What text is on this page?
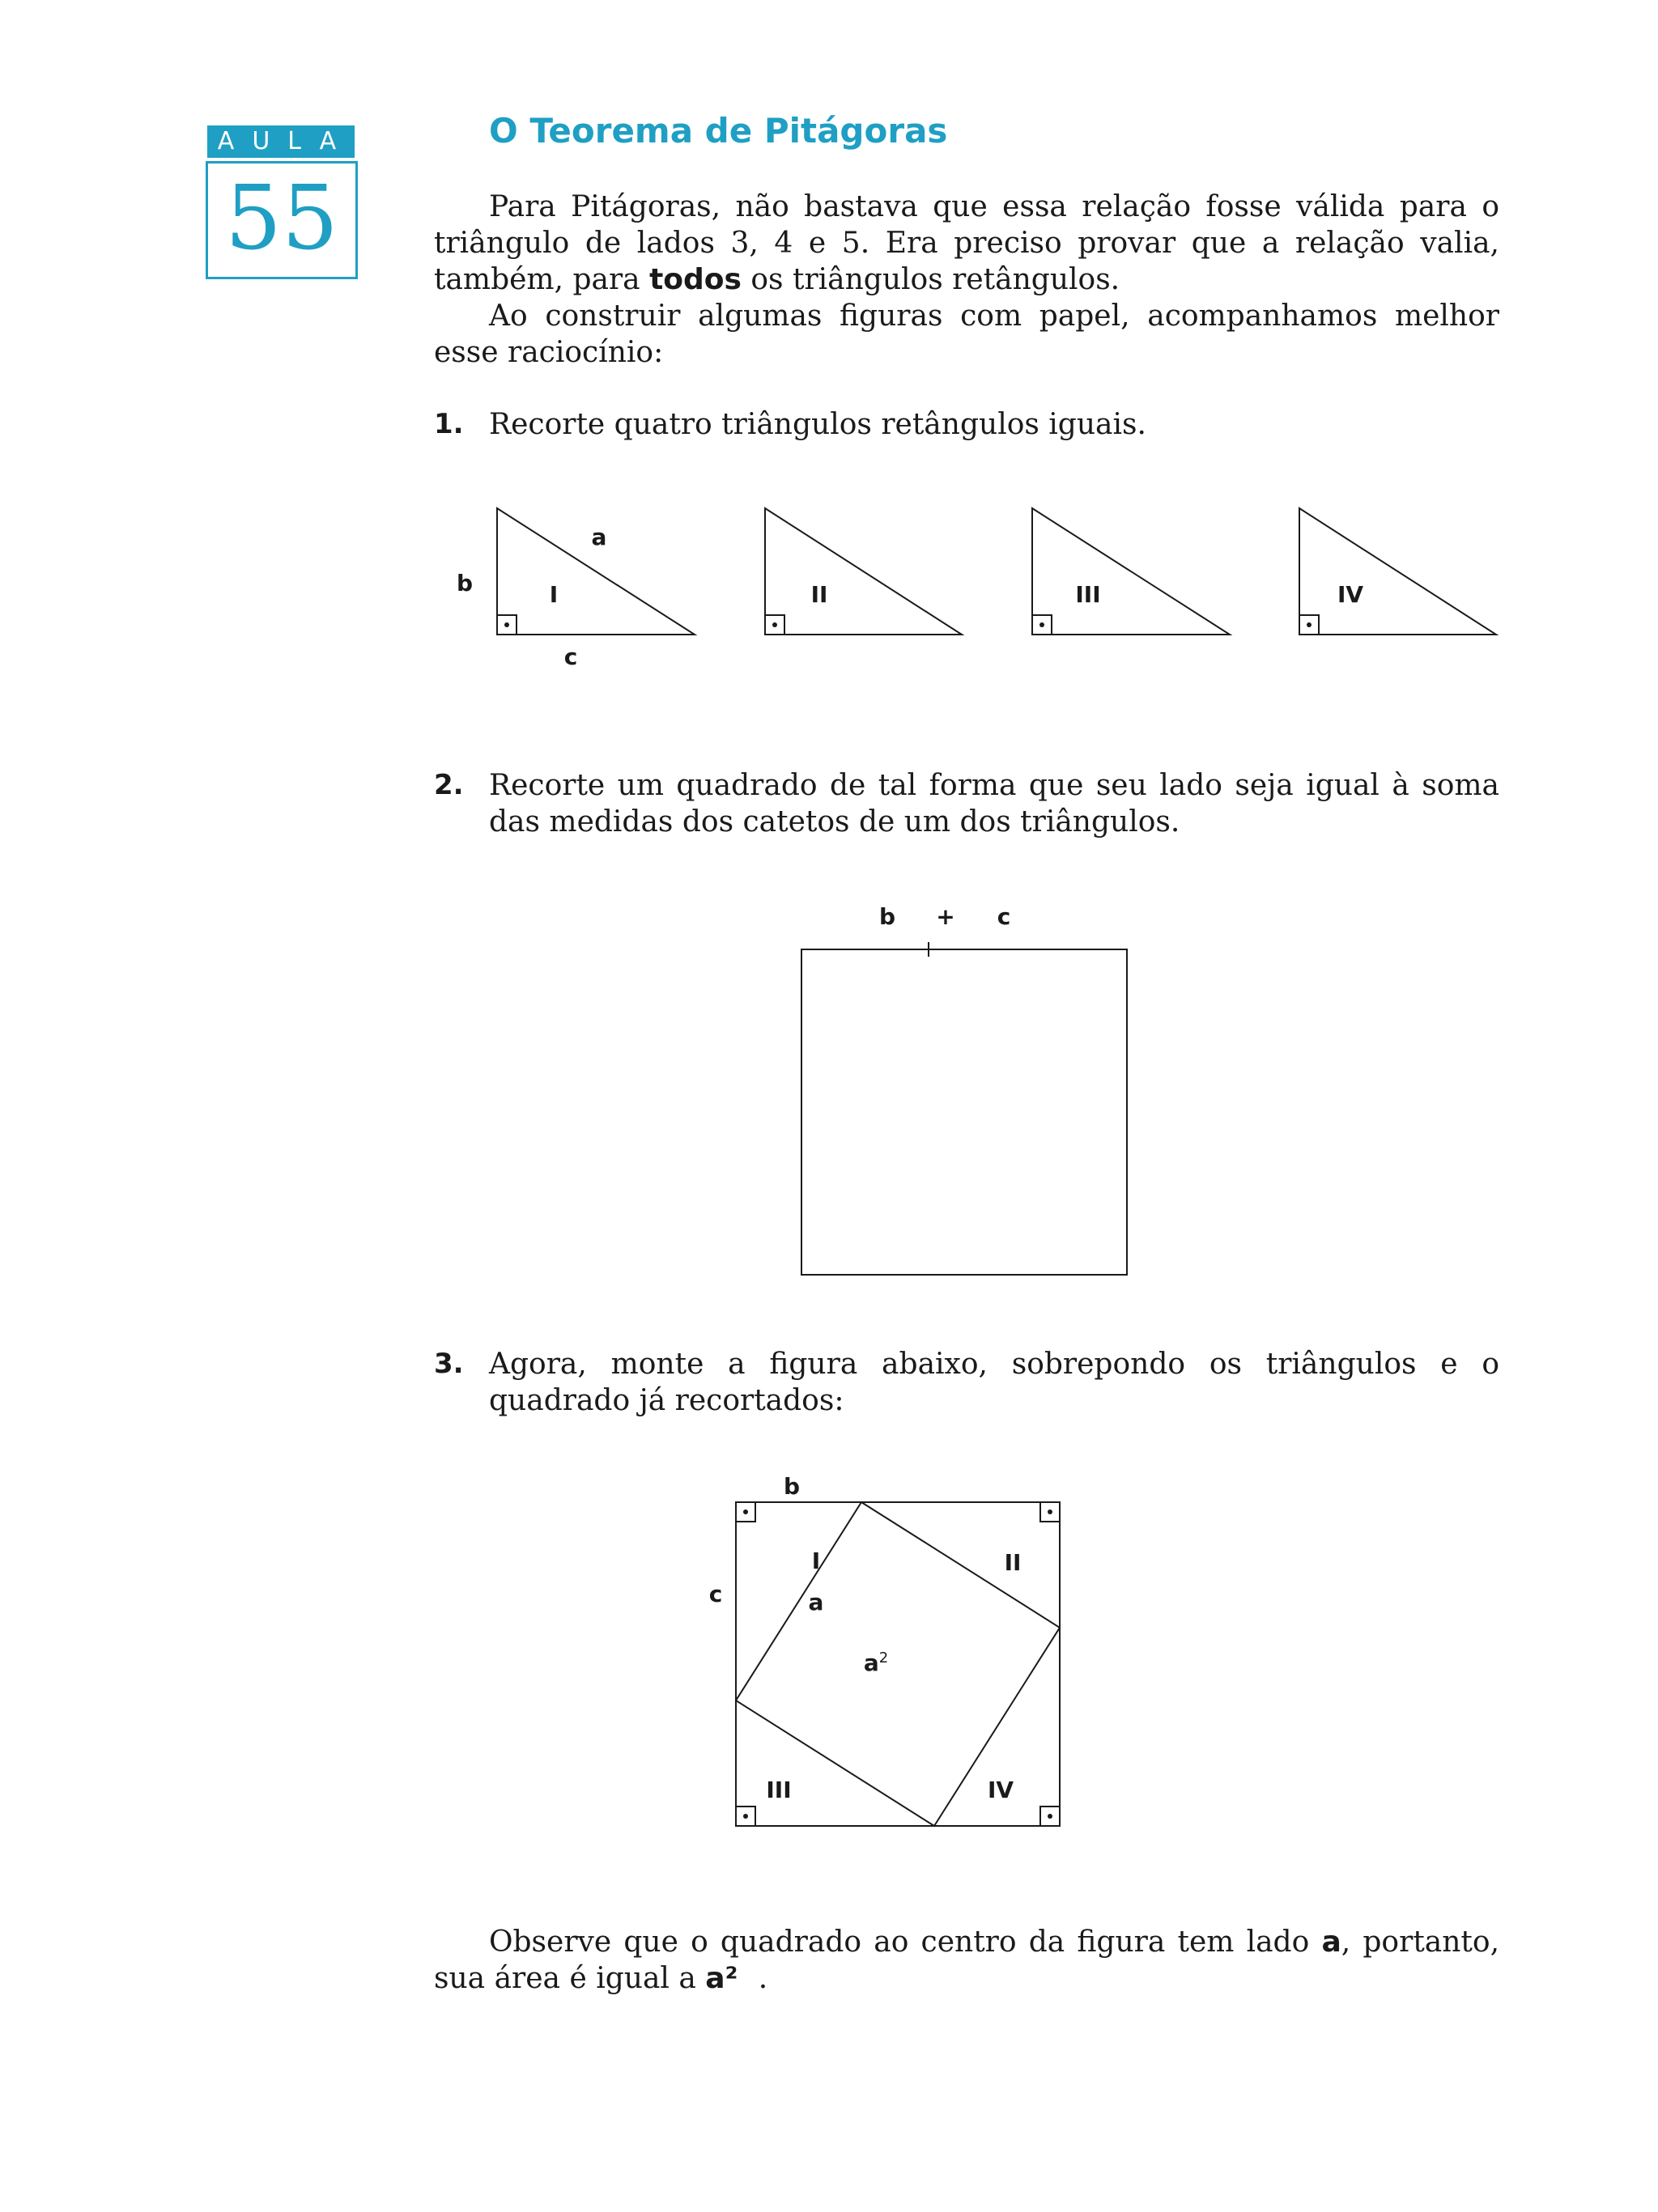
AULA
55
O Teorema de Pitágoras

Para Pitágoras, não bastava que essa relação fosse válida para o triângulo de lados 3, 4 e 5. Era preciso provar que a relação valia, também, para todos os triângulos retângulos.

Ao construir algumas figuras com papel, acompanhamos melhor esse raciocínio:

1. Recorte quatro triângulos retângulos iguais.

a
b
c
I	II	III	IV
2. Recorte um quadrado de tal forma que seu lado seja igual à soma das medidas dos catetos de um dos triângulos.

b + c
3. Agora, monte a figura abaixo, sobrepondo os triângulos e o quadrado já recortados:

b
c
I
a
II
$a^2$
III	IV

Observe que o quadrado ao centro da figura tem lado a, portanto, sua área é igual a a² .
